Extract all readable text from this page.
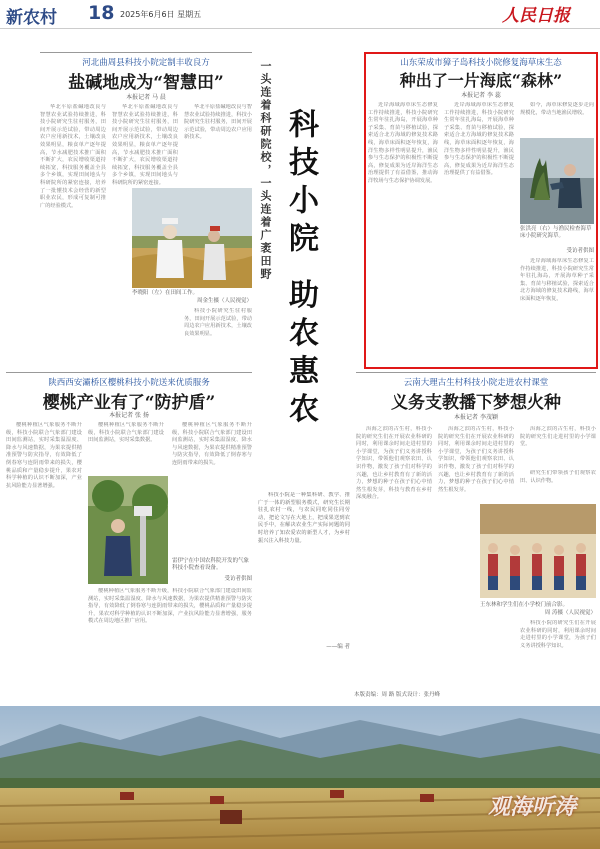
新农村 18 2025年6月6日 星期五	人民日报
河北曲周县科技小院定制丰收良方
盐碱地成为“智慧田”
本报记者 马 晨
华北平原盐碱地改良与智慧农业试验持续推进，科技小院研究生驻村服务，田间开展示范试验，带动周边农户应用新技术，土壤改良效果明显，粮食单产逐年提高，节水减肥技术推广面积不断扩大，农民增收渠道持续拓宽，科技服务覆盖全县多个乡镇，实现田间地头与科研院所的紧密连接，培养了一批懂技术会经营的新型职业农民，形成可复制可推广的经验模式。
华北平原盐碱地改良与智慧农业试验持续推进，科技小院研究生驻村服务，田间开展示范试验，带动周边农户应用新技术，土壤改良效果明显，粮食单产逐年提高，节水减肥技术推广面积不断扩大，农民增收渠道持续拓宽，科技服务覆盖全县多个乡镇，实现田间地头与科研院所的紧密连接。
华北平原盐碱地改良与智慧农业试验持续推进，科技小院研究生驻村服务，田间开展示范试验，带动周边农户应用新技术。
李晓阳（左）在田间工作。
周金生摄（人民视觉）
科技小院研究生驻村服务，田间开展示范试验，带动周边农户应用新技术，土壤改良效果明显。
一头连着科研院校，一头连着广袤田野 科技小院 助农惠农
山东荣成市獐子岛科技小院修复海草床生态
种出了一片海底“森林”
本报记者 李 蕊
近岸海域海草床生态修复工作持续推进，科技小院研究生常年驻扎海岛，开展海草种子采集、育苗与移植试验，探索适合北方海域的修复技术路线，海草床面积逐年恢复，海洋生物多样性明显提升，渔民参与生态保护的积极性不断提高，修复成果为近岸海洋生态治理提供了有益借鉴，推动海洋牧场与生态保护协调发展。
近岸海域海草床生态修复工作持续推进，科技小院研究生常年驻扎海岛，开展海草种子采集、育苗与移植试验，探索适合北方海域的修复技术路线，海草床面积逐年恢复，海洋生物多样性明显提升，渔民参与生态保护的积极性不断提高，修复成果为近岸海洋生态治理提供了有益借鉴。
如今，海草床修复逐步走向规模化，带动当地渔民增收。
张洪亮（右）与渔民检查海草床小院研究海草。
受访者供图
近岸海域海草床生态修复工作持续推进，科技小院研究生常年驻扎海岛，开展海草种子采集、育苗与移植试验，探索适合北方海域的修复技术路线，海草床面积逐年恢复。
陕西西安灞桥区樱桃科技小院送来优质服务
樱桃产业有了“防护盾”
本报记者 张 扬
樱桃种植区气象服务不断升级，科技小院联合气象部门建设田间监测站，实时采集温湿度、降水与风速数据，为果农提供精准预警与防灾指导，有效降低了倒春寒与连阴雨带来的损失，樱桃品质和产量稳步提升，果农对科学种植的认识不断加深，产业抗风险能力显著增强。
樱桃种植区气象服务不断升级，科技小院联合气象部门建设田间监测站，实时采集数据。
雷伊宁在中国农科院开发的气象科技小院查看设备。
受访者供图
樱桃种植区气象服务不断升级，科技小院联合气象部门建设田间监测站，实时采集温湿度、降水与风速数据，为果农提供精准预警与防灾指导，有效降低了倒春寒与连阴雨带来的损失。
樱桃种植区气象服务不断升级，科技小院联合气象部门建设田间监测站，实时采集温湿度、降水与风速数据，为果农提供精准预警与防灾指导，有效降低了倒春寒与连阴雨带来的损失，樱桃品质和产量稳步提升，果农对科学种植的认识不断加深，产业抗风险能力显著增强，服务模式在周边地区推广应用。
科技小院是一种集科研、教学、推广于一体的新型服务模式，研究生长期驻扎农村一线，与农民同吃同住同劳动，把论文写在大地上，把成果送到农民手中，在解决农业生产实际问题的同时培养了知农爱农的新型人才，为乡村振兴注入科技力量。
——编 者
云南大理古生村科技小院走进农村课堂
义务支教播下梦想火种
本报记者 李茂颖
洱海之滨的古生村，科技小院的研究生们在开展农业科研的同时，利用课余时间走进村里的小学课堂，为孩子们义务讲授科学知识，带领他们观察农田、认识作物，激发了孩子们对科学的兴趣，也让乡村教育有了新的活力，梦想的种子在孩子们心中悄然生根发芽，科技与教育在乡村深度融合。
洱海之滨的古生村，科技小院的研究生们在开展农业科研的同时，利用课余时间走进村里的小学课堂，为孩子们义务讲授科学知识，带领他们观察农田、认识作物，激发了孩子们对科学的兴趣，也让乡村教育有了新的活力，梦想的种子在孩子们心中悄然生根发芽。
洱海之滨的古生村，科技小院的研究生们走进村里的小学课堂。
王东林和学生们在小学校门前合影。
周 涛摄（人民视觉）
研究生们带领孩子们观察农田、认识作物。
科技小院的研究生们在开展农业科研的同时，利用课余时间走进村里的小学课堂，为孩子们义务讲授科学知识。
本版责编：周 路 版式设计：张丹峰
观海听涛
